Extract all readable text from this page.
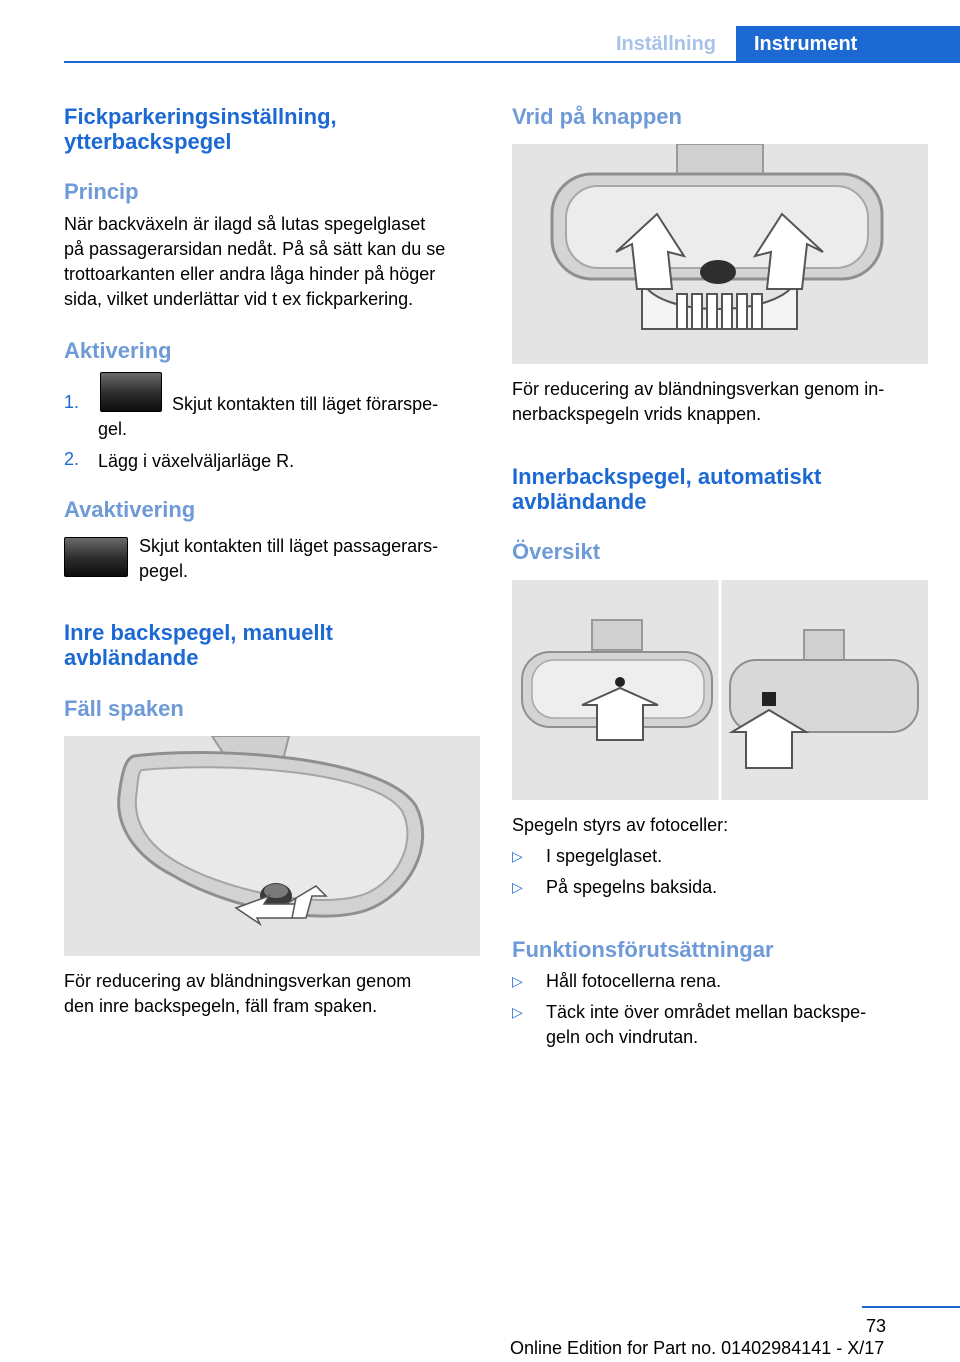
Inställning	Instrument
Fickparkeringsinställning,
ytterbackspegel
Princip
När backväxeln är ilagd så lutas spegelglaset
på passagerarsidan nedåt. På så sätt kan du se
trottoarkanten eller andra låga hinder på höger
sida, vilket underlättar vid t ex fickparkering.
Aktivering
1.	Skjut kontakten till läget förarspe-
gel.
2. Lägg i växelväljarläge R.
Avaktivering
Skjut kontakten till läget passagerars-
pegel.
Inre backspegel, manuellt
avbländande
Fäll spaken
För reducering av bländningsverkan genom
den inre backspegeln, fäll fram spaken.
Vrid på knappen
För reducering av bländningsverkan genom in-
nerbackspegeln vrids knappen.
Innerbackspegel, automatiskt
avbländande
Översikt
Spegeln styrs av fotoceller:
▷ I spegelglaset.
▷ På spegelns baksida.
Funktionsförutsättningar
▷ Håll fotocellerna rena.
▷ Täck inte över området mellan backspe-
geln och vindrutan.
73
Online Edition for Part no. 01402984141 - X/17
